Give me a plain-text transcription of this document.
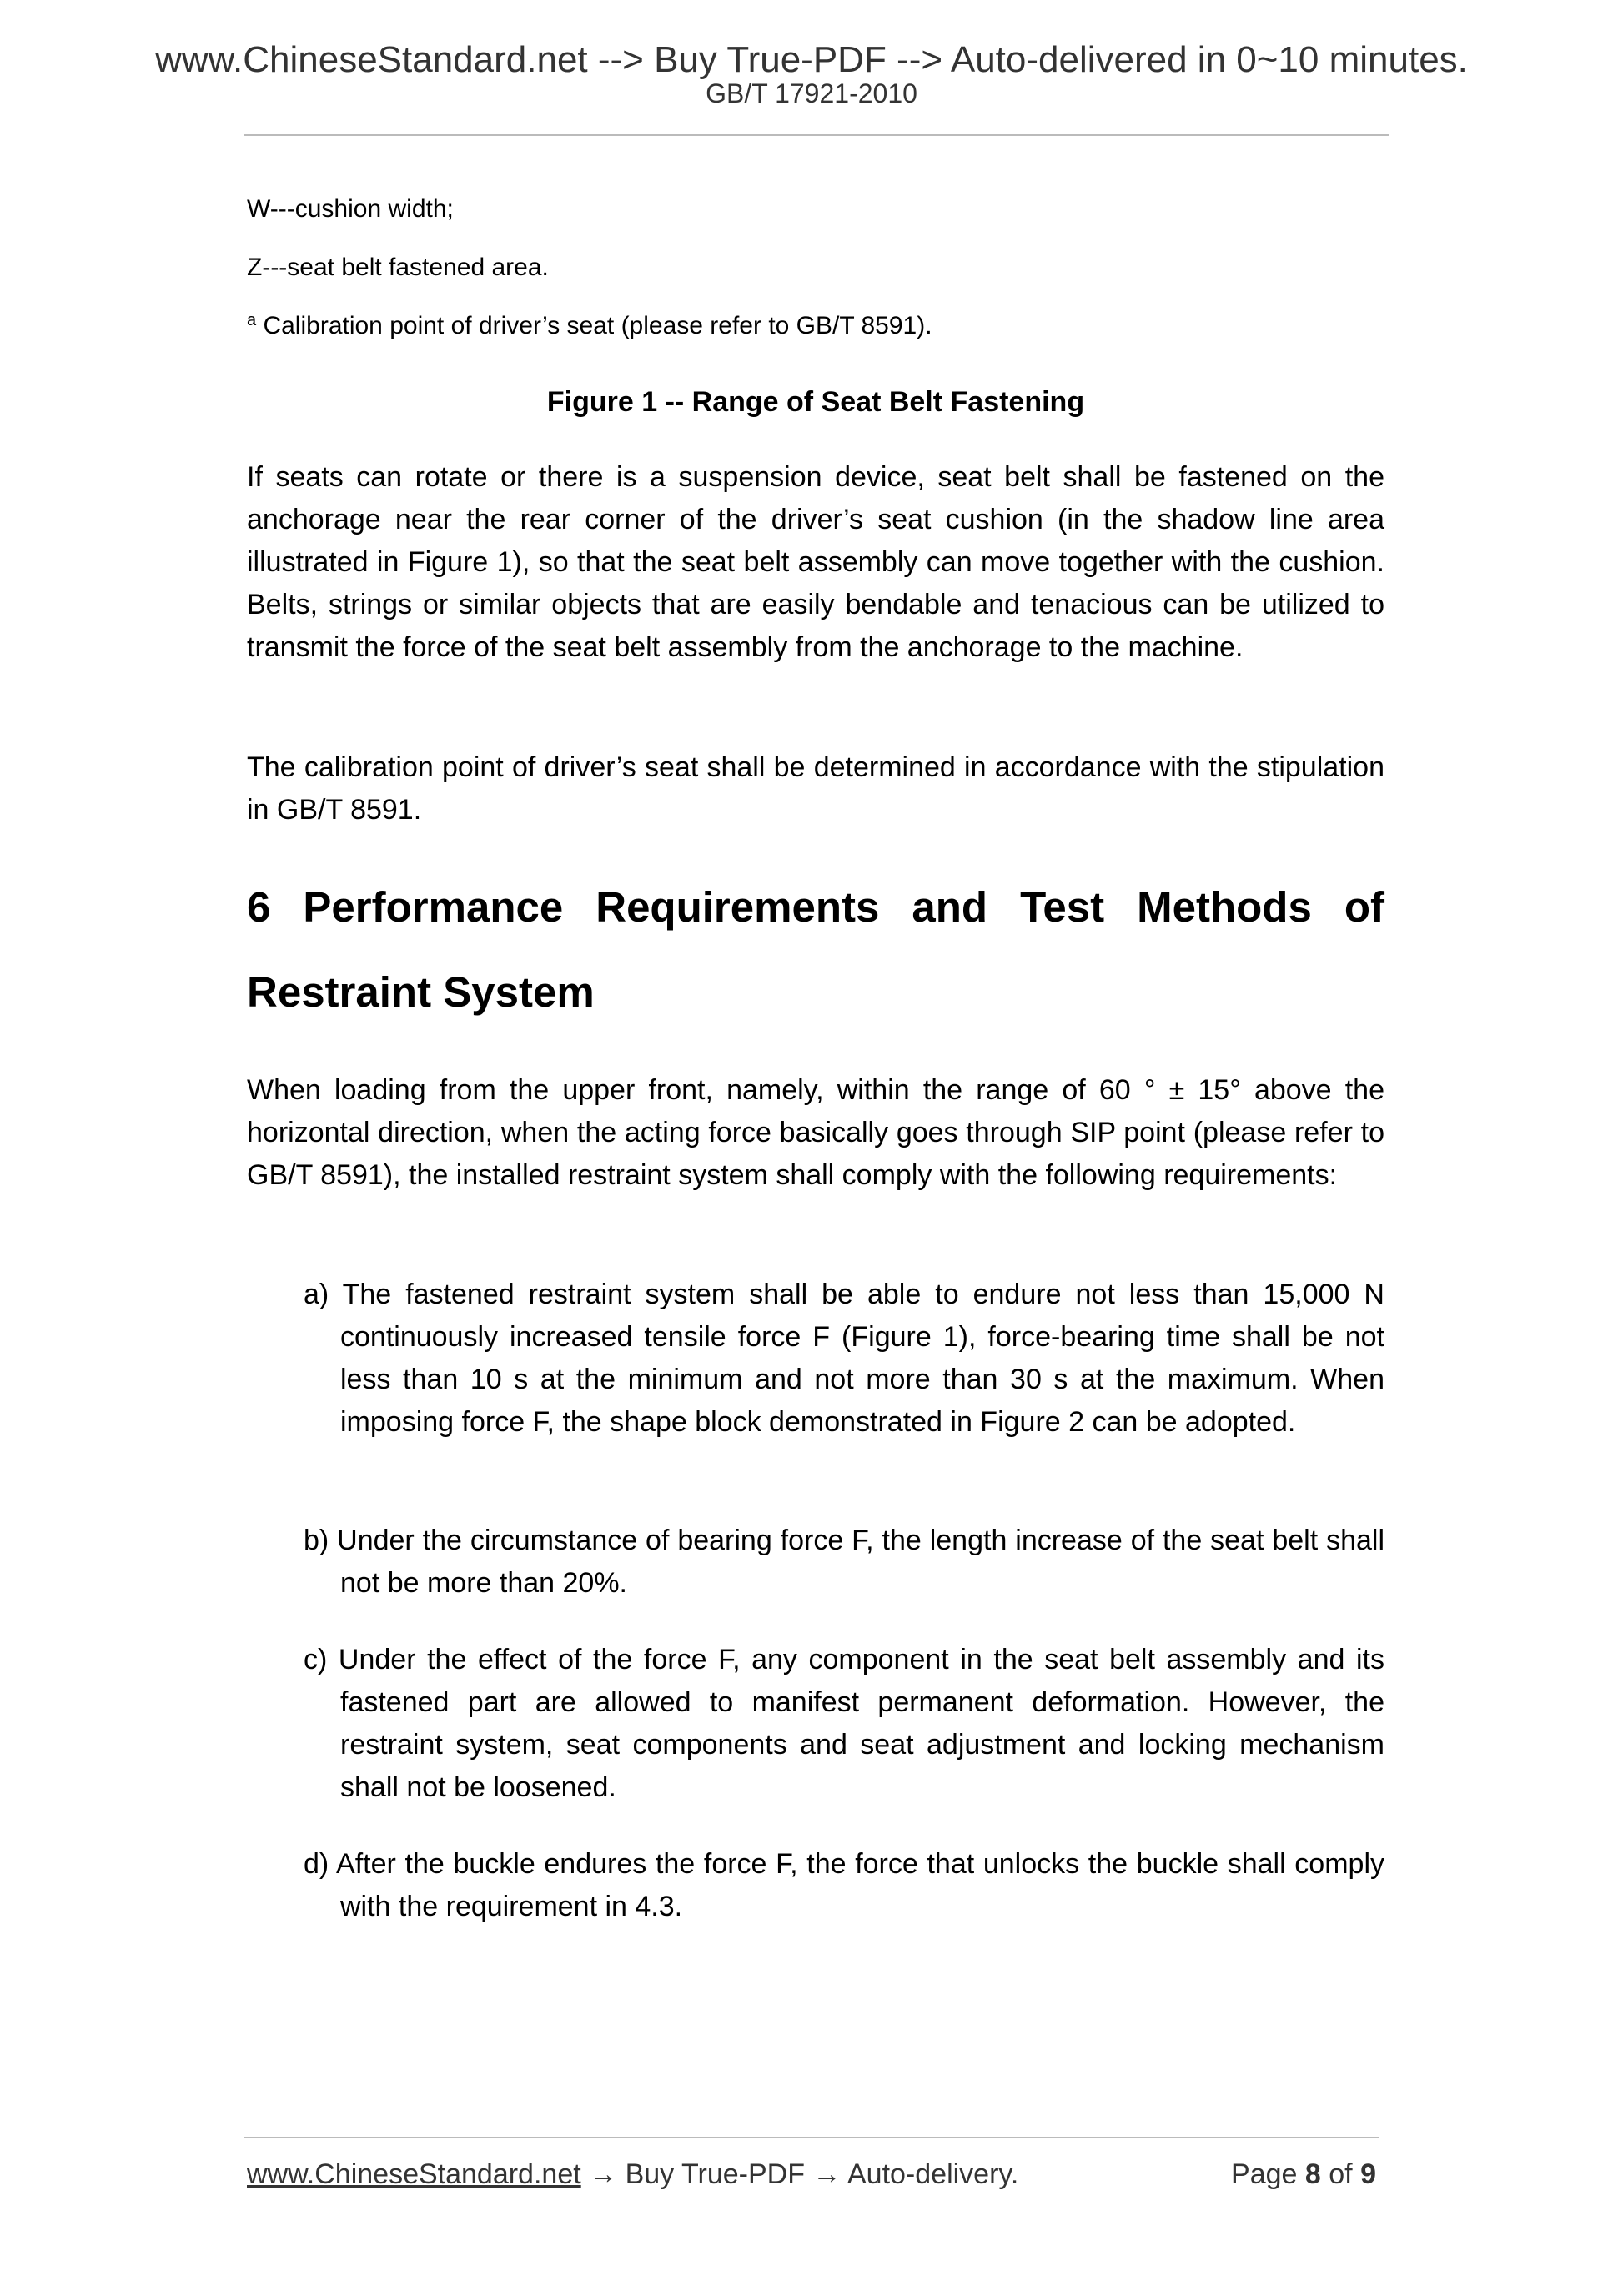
www.ChineseStandard.net --> Buy True-PDF --> Auto-delivered in 0~10 minutes.
GB/T 17921-2010
W---cushion width;
Z---seat belt fastened area.
$^a$ Calibration point of driver’s seat (please refer to GB/T 8591).
Figure 1 -- Range of Seat Belt Fastening

If seats can rotate or there is a suspension device, seat belt shall be fastened on the anchorage near the rear corner of the driver’s seat cushion (in the shadow line area illustrated in Figure 1), so that the seat belt assembly can move together with the cushion. Belts, strings or similar objects that are easily bendable and tenacious can be utilized to transmit the force of the seat belt assembly from the anchorage to the machine.

The calibration point of driver’s seat shall be determined in accordance with the stipulation in GB/T 8591.

6 Performance Requirements and Test Methods of Restraint System

When loading from the upper front, namely, within the range of 60 ° ± 15° above the horizontal direction, when the acting force basically goes through SIP point (please refer to GB/T 8591), the installed restraint system shall comply with the following requirements:

a) The fastened restraint system shall be able to endure not less than 15,000 N continuously increased tensile force F (Figure 1), force-bearing time shall be not less than 10 s at the minimum and not more than 30 s at the maximum. When imposing force F, the shape block demonstrated in Figure 2 can be adopted.

b) Under the circumstance of bearing force F, the length increase of the seat belt shall not be more than 20%.

c) Under the effect of the force F, any component in the seat belt assembly and its fastened part are allowed to manifest permanent deformation. However, the restraint system, seat components and seat adjustment and locking mechanism shall not be loosened.

d) After the buckle endures the force F, the force that unlocks the buckle shall comply with the requirement in 4.3.

www.ChineseStandard.net → Buy True-PDF → Auto-delivery.	Page 8 of 9
